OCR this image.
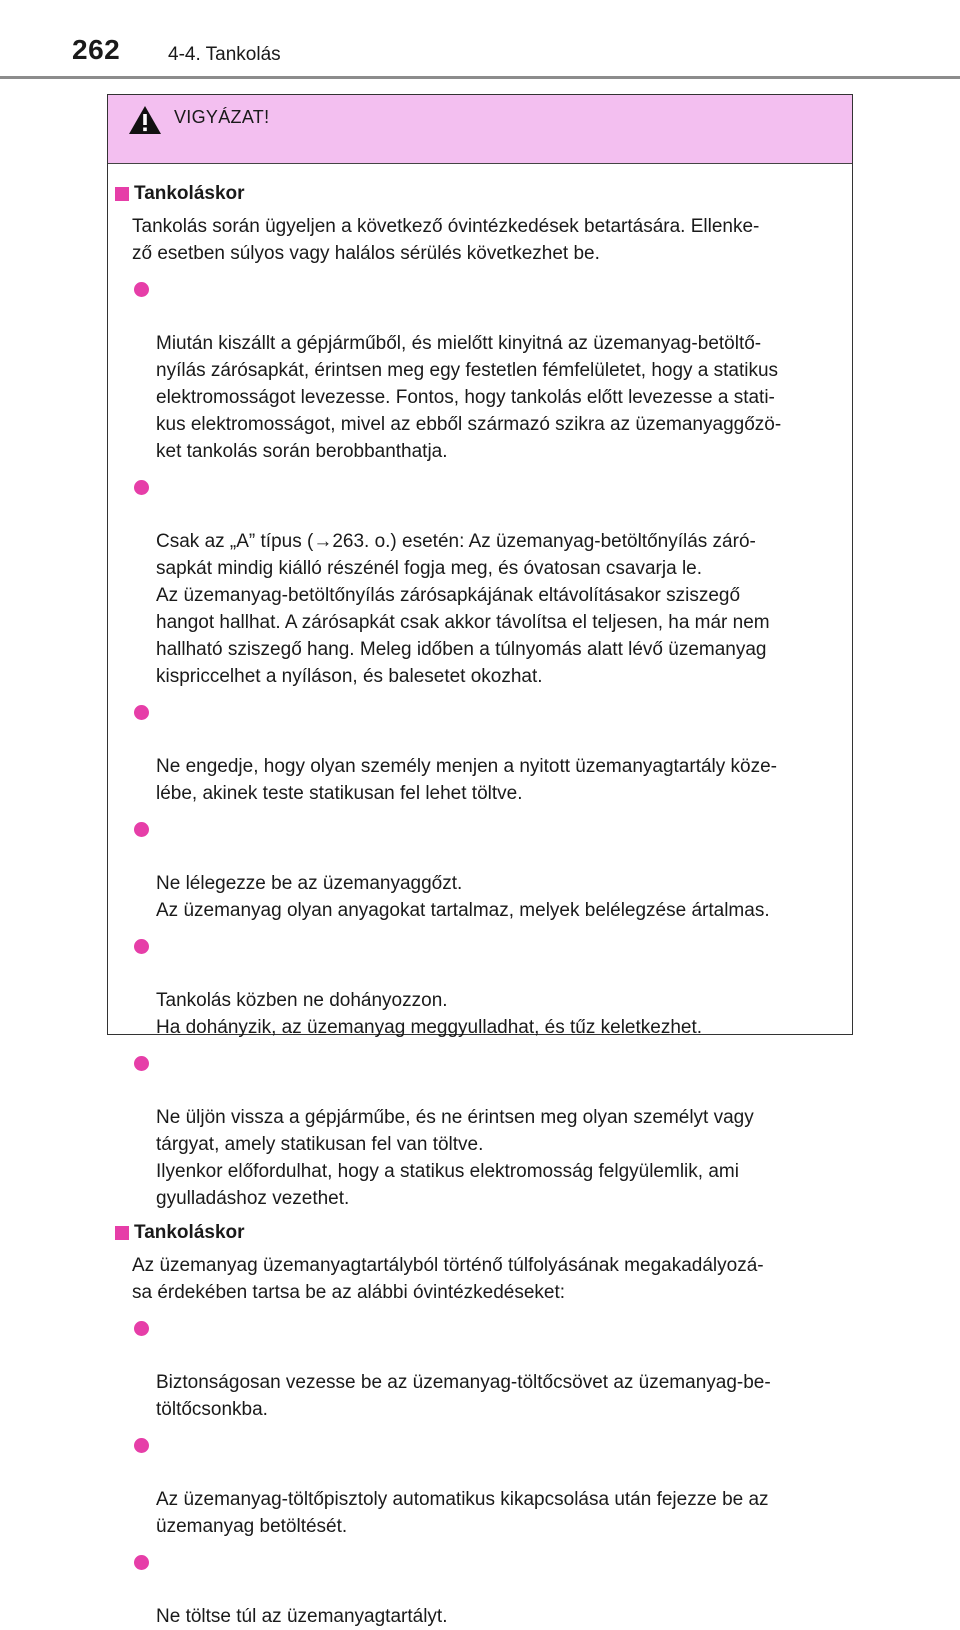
262	4-4. Tankolás
VIGYÁZAT!
Tankoláskor
Tankolás során ügyeljen a következő óvintézkedések betartására. Ellenke-
ző esetben súlyos vagy halálos sérülés következhet be.

Miután kiszállt a gépjárműből, és mielőtt kinyitná az üzemanyag-betöltő-
nyílás zárósapkát, érintsen meg egy festetlen fémfelületet, hogy a statikus
elektromosságot levezesse. Fontos, hogy tankolás előtt levezesse a stati-
kus elektromosságot, mivel az ebből származó szikra az üzemanyaggőzö-
ket tankolás során berobbanthatja.

Csak az „A” típus (→263. o.) esetén: Az üzemanyag-betöltőnyílás záró-
sapkát mindig kiálló részénél fogja meg, és óvatosan csavarja le.
Az üzemanyag-betöltőnyílás zárósapkájának eltávolításakor sziszegő
hangot hallhat. A zárósapkát csak akkor távolítsa el teljesen, ha már nem
hallható sziszegő hang. Meleg időben a túlnyomás alatt lévő üzemanyag
kispriccelhet a nyíláson, és balesetet okozhat.

Ne engedje, hogy olyan személy menjen a nyitott üzemanyagtartály köze-
lébe, akinek teste statikusan fel lehet töltve.

Ne lélegezze be az üzemanyaggőzt.
Az üzemanyag olyan anyagokat tartalmaz, melyek belélegzése ártalmas.

Tankolás közben ne dohányozzon.
Ha dohányzik, az üzemanyag meggyulladhat, és tűz keletkezhet.

Ne üljön vissza a gépjárműbe, és ne érintsen meg olyan személyt vagy
tárgyat, amely statikusan fel van töltve.
Ilyenkor előfordulhat, hogy a statikus elektromosság felgyülemlik, ami
gyulladáshoz vezethet.

Tankoláskor
Az üzemanyag üzemanyagtartályból történő túlfolyásának megakadályozá-
sa érdekében tartsa be az alábbi óvintézkedéseket:

Biztonságosan vezesse be az üzemanyag-töltőcsövet az üzemanyag-be-
töltőcsonkba.

Az üzemanyag-töltőpisztoly automatikus kikapcsolása után fejezze be az
üzemanyag betöltését.

Ne töltse túl az üzemanyagtartályt.
